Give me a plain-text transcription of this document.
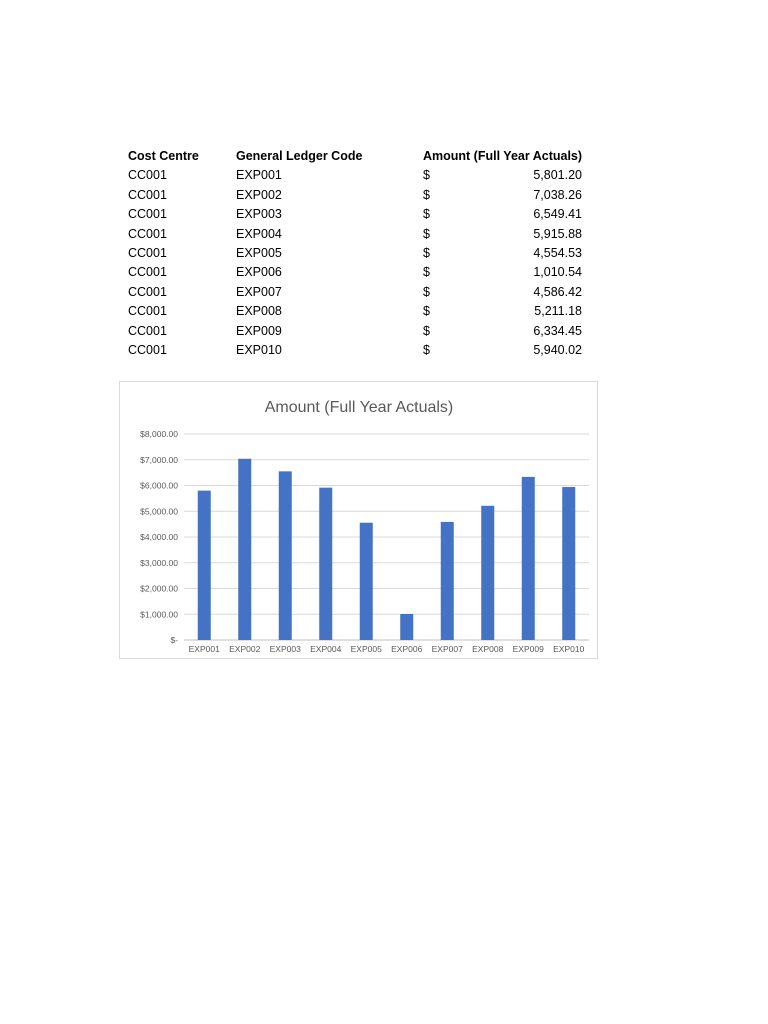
Cost Centre	General Ledger Code	Amount (Full Year Actuals)
CC001	EXP001	$	5,801.20
CC001	EXP002	$	7,038.26
CC001	EXP003	$	6,549.41
CC001	EXP004	$	5,915.88
CC001	EXP005	$	4,554.53
CC001	EXP006	$	1,010.54
CC001	EXP007	$	4,586.42
CC001	EXP008	$	5,211.18
CC001	EXP009	$	6,334.45
CC001	EXP010	$	5,940.02
Amount (Full Year Actuals)
$-
$1,000.00
$2,000.00
$3,000.00
$4,000.00
$5,000.00
$6,000.00
$7,000.00
$8,000.00
EXP001 EXP002 EXP003 EXP004 EXP005 EXP006 EXP007 EXP008 EXP009 EXP010
